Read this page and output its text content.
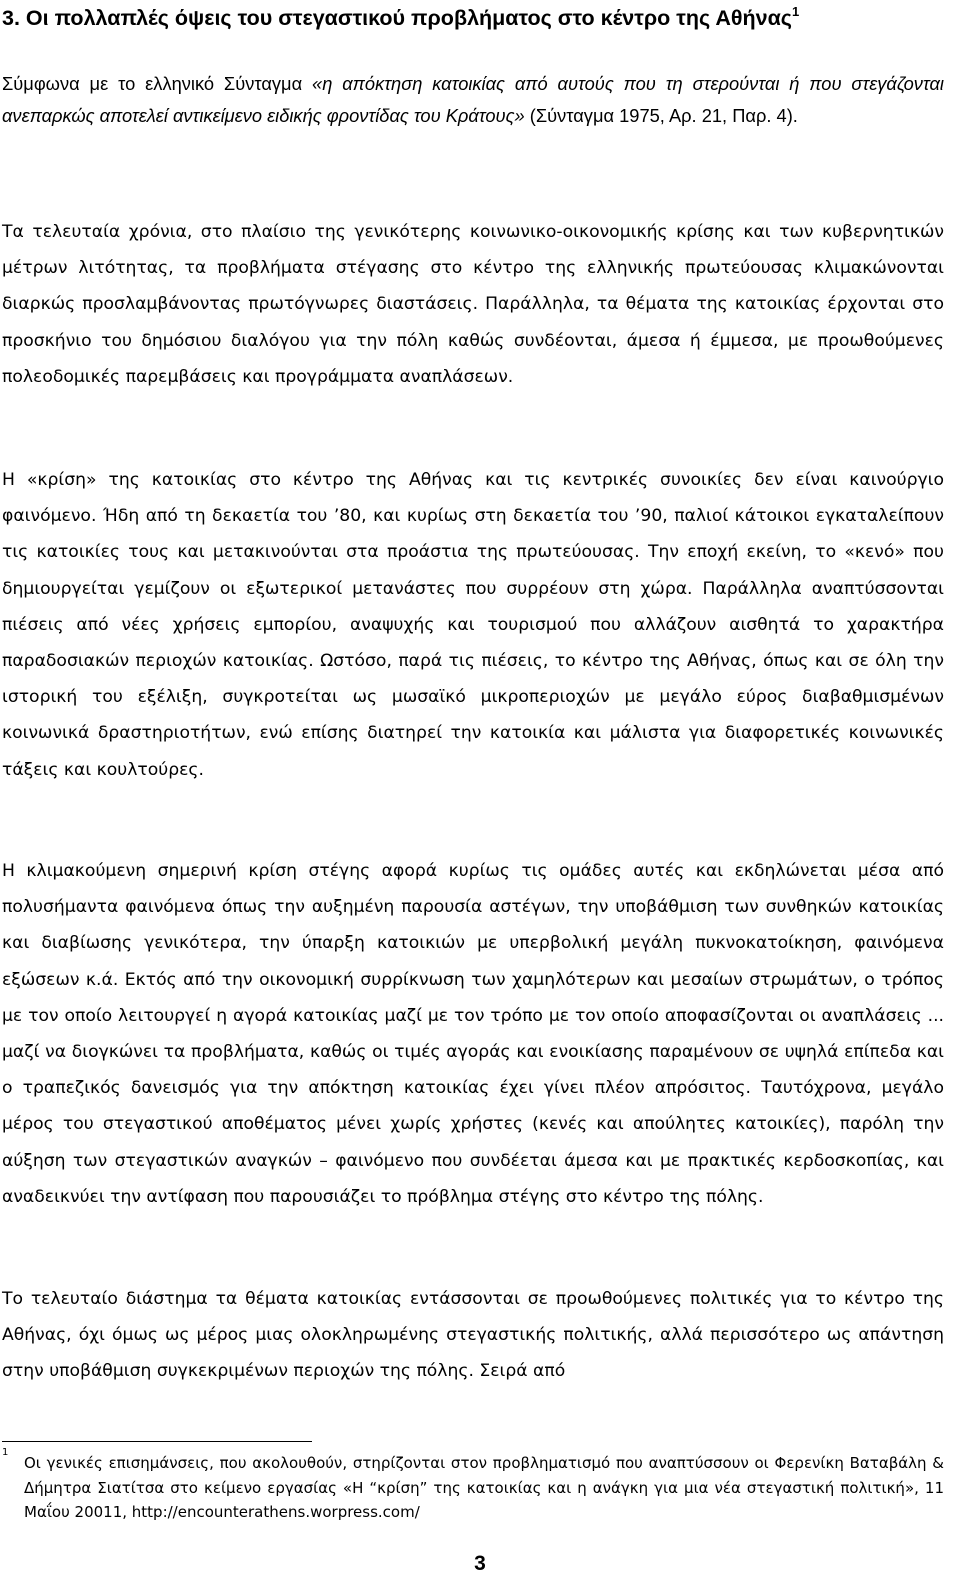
3. Οι πολλαπλές όψεις του στεγαστικού προβλήματος στο κέντρο της Αθήνας$^1$

Σύμφωνα με το ελληνικό Σύνταγμα «η απόκτηση κατοικίας από αυτούς που τη στερούνται ή που στεγάζονται ανεπαρκώς αποτελεί αντικείμενο ειδικής φροντίδας του Κράτους» (Σύνταγμα 1975, Αρ. 21, Παρ. 4).

Τα τελευταία χρόνια, στο πλαίσιο της γενικότερης κοινωνικο-οικονομικής κρίσης και των κυβερνητικών μέτρων λιτότητας, τα προβλήματα στέγασης στο κέντρο της ελληνικής πρωτεύουσας κλιμακώνονται διαρκώς προσλαμβάνοντας πρωτόγνωρες διαστάσεις. Παράλληλα, τα θέματα της κατοικίας έρχονται στο προσκήνιο του δημόσιου διαλόγου για την πόλη καθώς συνδέονται, άμεσα ή έμμεσα, με προωθούμενες πολεοδομικές παρεμβάσεις και προγράμματα αναπλάσεων.

Η «κρίση» της κατοικίας στο κέντρο της Αθήνας και τις κεντρικές συνοικίες δεν είναι καινούργιο φαινόμενο. Ήδη από τη δεκαετία του ’80, και κυρίως στη δεκαετία του ’90, παλιοί κάτοικοι εγκαταλείπουν τις κατοικίες τους και μετακινούνται στα προάστια της πρωτεύουσας. Την εποχή εκείνη, το «κενό» που δημιουργείται γεμίζουν οι εξωτερικοί μετανάστες που συρρέουν στη χώρα. Παράλληλα αναπτύσσονται πιέσεις από νέες χρήσεις εμπορίου, αναψυχής και τουρισμού που αλλάζουν αισθητά το χαρακτήρα παραδοσιακών περιοχών κατοικίας. Ωστόσο, παρά τις πιέσεις, το κέντρο της Αθήνας, όπως και σε όλη την ιστορική του εξέλιξη, συγκροτείται ως μωσαϊκό μικροπεριοχών με μεγάλο εύρος διαβαθμισμένων κοινωνικά δραστηριοτήτων, ενώ επίσης διατηρεί την κατοικία και μάλιστα για διαφορετικές κοινωνικές τάξεις και κουλτούρες.

Η κλιμακούμενη σημερινή κρίση στέγης αφορά κυρίως τις ομάδες αυτές και εκδηλώνεται μέσα από πολυσήμαντα φαινόμενα όπως την αυξημένη παρουσία αστέγων, την υποβάθμιση των συνθηκών κατοικίας και διαβίωσης γενικότερα, την ύπαρξη κατοικιών με υπερβολική μεγάλη πυκνοκατοίκηση, φαινόμενα εξώσεων κ.ά. Εκτός από την οικονομική συρρίκνωση των χαμηλότερων και μεσαίων στρωμάτων, ο τρόπος με τον οποίο λειτουργεί η αγορά κατοικίας μαζί με τον τρόπο με τον οποίο αποφασίζονται οι αναπλάσεις ... μαζί να διογκώνει τα προβλήματα, καθώς οι τιμές αγοράς και ενοικίασης παραμένουν σε υψηλά επίπεδα και ο τραπεζικός δανεισμός για την απόκτηση κατοικίας έχει γίνει πλέον απρόσιτος. Ταυτόχρονα, μεγάλο μέρος του στεγαστικού αποθέματος μένει χωρίς χρήστες (κενές και απούλητες κατοικίες), παρόλη την αύξηση των στεγαστικών αναγκών – φαινόμενο που συνδέεται άμεσα και με πρακτικές κερδοσκοπίας, και αναδεικνύει την αντίφαση που παρουσιάζει το πρόβλημα στέγης στο κέντρο της πόλης.

Το τελευταίο διάστημα τα θέματα κατοικίας εντάσσονται σε προωθούμενες πολιτικές για το κέντρο της Αθήνας, όχι όμως ως μέρος μιας ολοκληρωμένης στεγαστικής πολιτικής, αλλά περισσότερο ως απάντηση στην υποβάθμιση συγκεκριμένων περιοχών της πόλης. Σειρά από

1
Οι γενικές επισημάνσεις, που ακολουθούν, στηρίζονται στον προβληματισμό που αναπτύσσουν οι Φερενίκη Βαταβάλη & Δήμητρα Σιατίτσα στο κείμενο εργασίας «Η “κρίση” της κατοικίας και η ανάγκη για μια νέα στεγαστική πολιτική», 11 Μαΐου 20011, http://encounterathens.worpress.com/
3
